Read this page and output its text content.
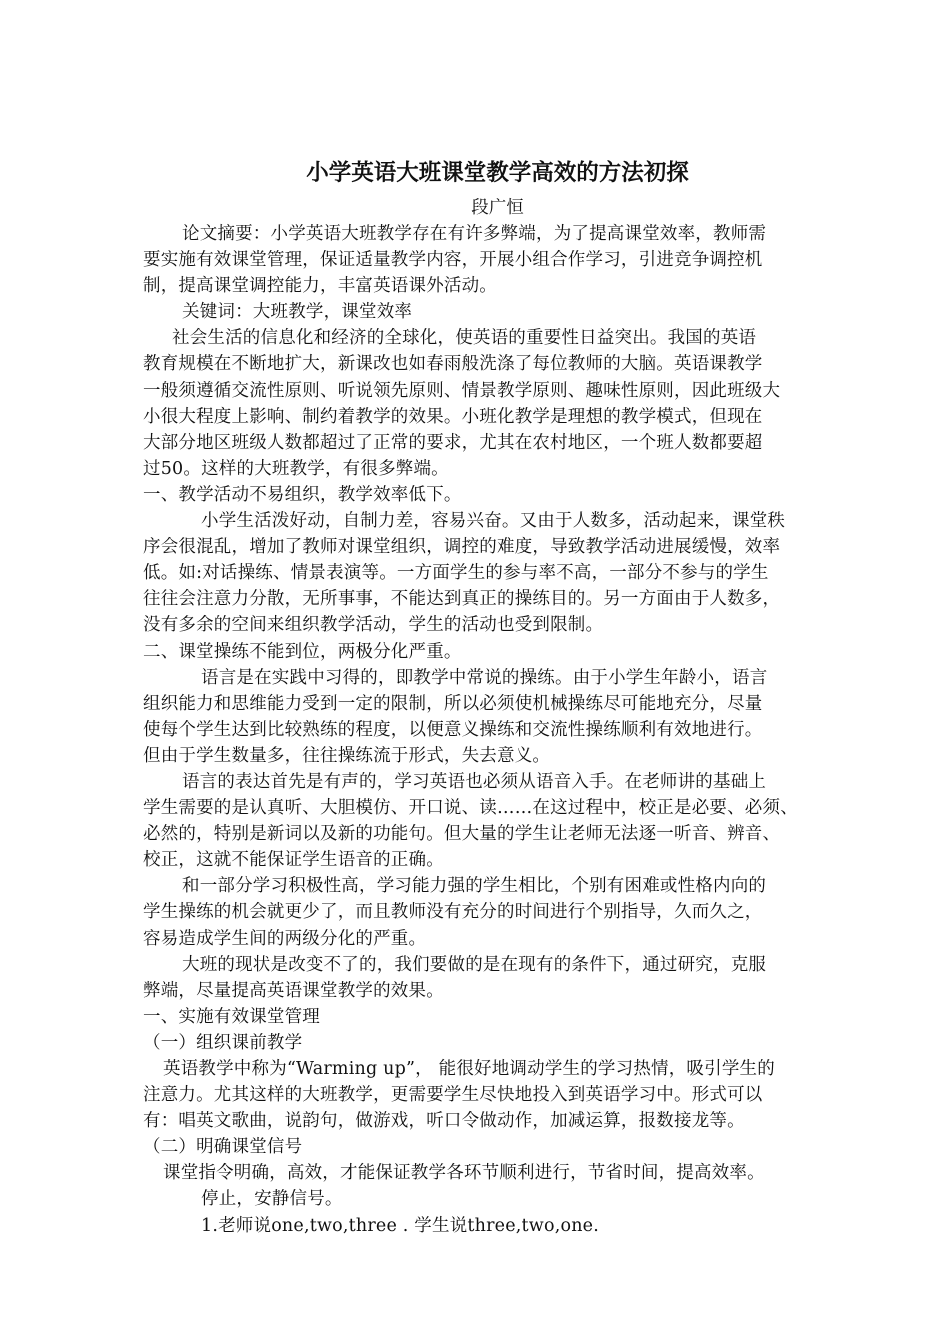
小学英语大班课堂教学高效的方法初探
段广恒
论文摘要：小学英语大班教学存在有许多弊端，为了提高课堂效率，教师需
要实施有效课堂管理，保证适量教学内容，开展小组合作学习，引进竞争调控机
制，提高课堂调控能力，丰富英语课外活动。
关键词：大班教学，课堂效率
社会生活的信息化和经济的全球化，使英语的重要性日益突出。我国的英语
教育规模在不断地扩大，新课改也如春雨般洗涤了每位教师的大脑。英语课教学
一般须遵循交流性原则、听说领先原则、情景教学原则、趣味性原则，因此班级大
小很大程度上影响、制约着教学的效果。小班化教学是理想的教学模式，但现在
大部分地区班级人数都超过了正常的要求，尤其在农村地区，一个班人数都要超
过50。这样的大班教学，有很多弊端。
一、教学活动不易组织，教学效率低下。
小学生活泼好动，自制力差，容易兴奋。又由于人数多，活动起来，课堂秩
序会很混乱，增加了教师对课堂组织，调控的难度，导致教学活动进展缓慢，效率
低。如:对话操练、情景表演等。一方面学生的参与率不高，一部分不参与的学生
往往会注意力分散，无所事事，不能达到真正的操练目的。另一方面由于人数多，
没有多余的空间来组织教学活动，学生的活动也受到限制。
二、课堂操练不能到位，两极分化严重。
语言是在实践中习得的，即教学中常说的操练。由于小学生年龄小，语言
组织能力和思维能力受到一定的限制，所以必须使机械操练尽可能地充分，尽量
使每个学生达到比较熟练的程度，以便意义操练和交流性操练顺利有效地进行。
但由于学生数量多，往往操练流于形式，失去意义。
语言的表达首先是有声的，学习英语也必须从语音入手。在老师讲的基础上
学生需要的是认真听、大胆模仿、开口说、读……在这过程中，校正是必要、必须、
必然的，特别是新词以及新的功能句。但大量的学生让老师无法逐一听音、辨音、
校正，这就不能保证学生语音的正确。
和一部分学习积极性高，学习能力强的学生相比，个别有困难或性格内向的
学生操练的机会就更少了，而且教师没有充分的时间进行个别指导，久而久之，
容易造成学生间的两级分化的严重。
大班的现状是改变不了的，我们要做的是在现有的条件下，通过研究，克服
弊端，尽量提高英语课堂教学的效果。
一、实施有效课堂管理
（一）组织课前教学
英语教学中称为“Warming up”， 能很好地调动学生的学习热情，吸引学生的
注意力。尤其这样的大班教学，更需要学生尽快地投入到英语学习中。形式可以
有：唱英文歌曲，说韵句，做游戏，听口令做动作，加减运算，报数接龙等。
（二）明确课堂信号
课堂指令明确，高效，才能保证教学各环节顺利进行，节省时间，提高效率。
停止，安静信号。
1.老师说one,two,three . 学生说three,two,one.
